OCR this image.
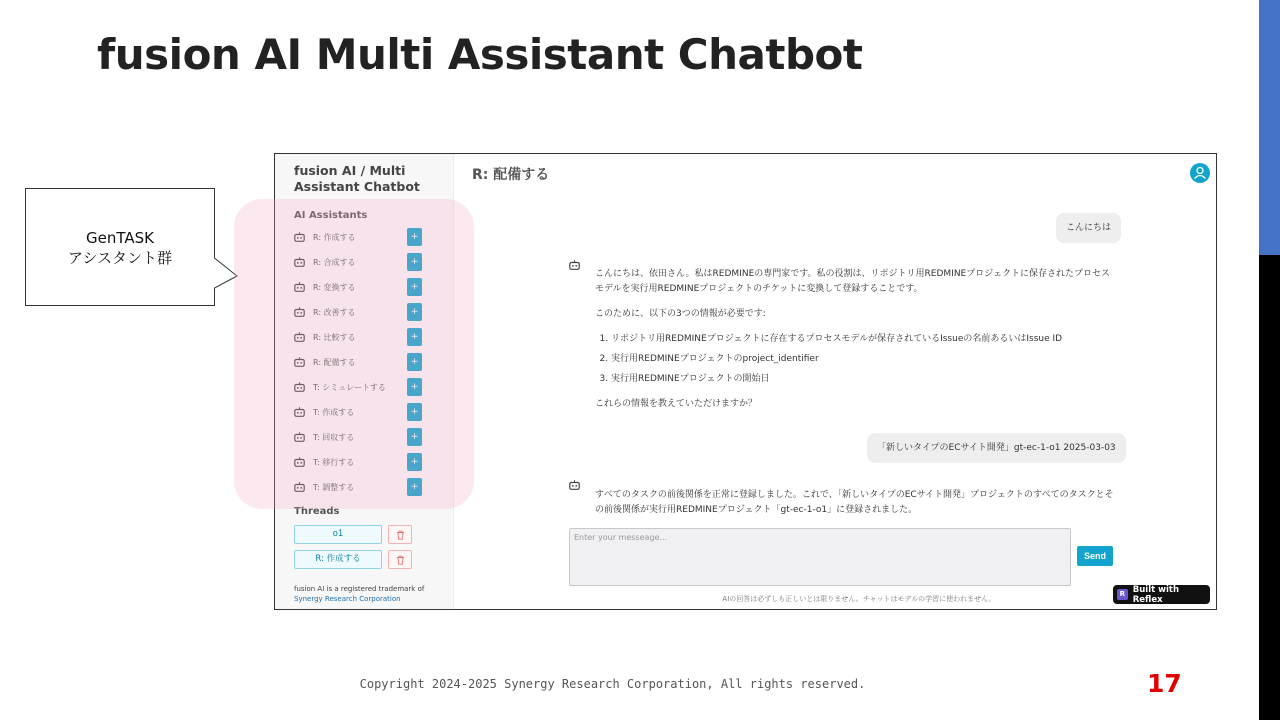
fusion AI Multi Assistant Chatbot
GenTASK
アシスタント群
fusion AI / Multi
Assistant Chatbot
AI Assistants
R: 作成する	+
R: 合成する	+
R: 変換する	+
R: 改善する	+
R: 比較する	+
R: 配備する	+
T: シミュレートする	+
T: 作成する	+
T: 回収する	+
T: 移行する	+
T: 調整する	+
Threads
o1
R: 作成する
fusion AI is a registered trademark of
Synergy Research Corporation
R: 配備する
こんにちは

こんにちは、依田さん。私はREDMINEの専門家です。私の役割は、リポジトリ用REDMINEプロジェクトに保存されたプロセスモデルを実行用REDMINEプロジェクトのチケットに変換して登録することです。

このために、以下の3つの情報が必要です:

1. リポジトリ用REDMINEプロジェクトに存在するプロセスモデルが保存されているIssueの名前あるいはIssue ID
2. 実行用REDMINEプロジェクトのproject_identifier
3. 実行用REDMINEプロジェクトの開始日

これらの情報を教えていただけますか？

「新しいタイプのECサイト開発」gt-ec-1-o1 2025-03-03

すべてのタスクの前後関係を正常に登録しました。これで、「新しいタイプのECサイト開発」プロジェクトのすべてのタスクとその前後関係が実行用REDMINEプロジェクト「gt-ec-1-o1」に登録されました。

Enter your messeage...
Send
AIの回答は必ずしも正しいとは限りません。チャットはモデルの学習に使われません。
R Built with Reflex
Copyright 2024-2025 Synergy Research Corporation, All rights reserved.	17
